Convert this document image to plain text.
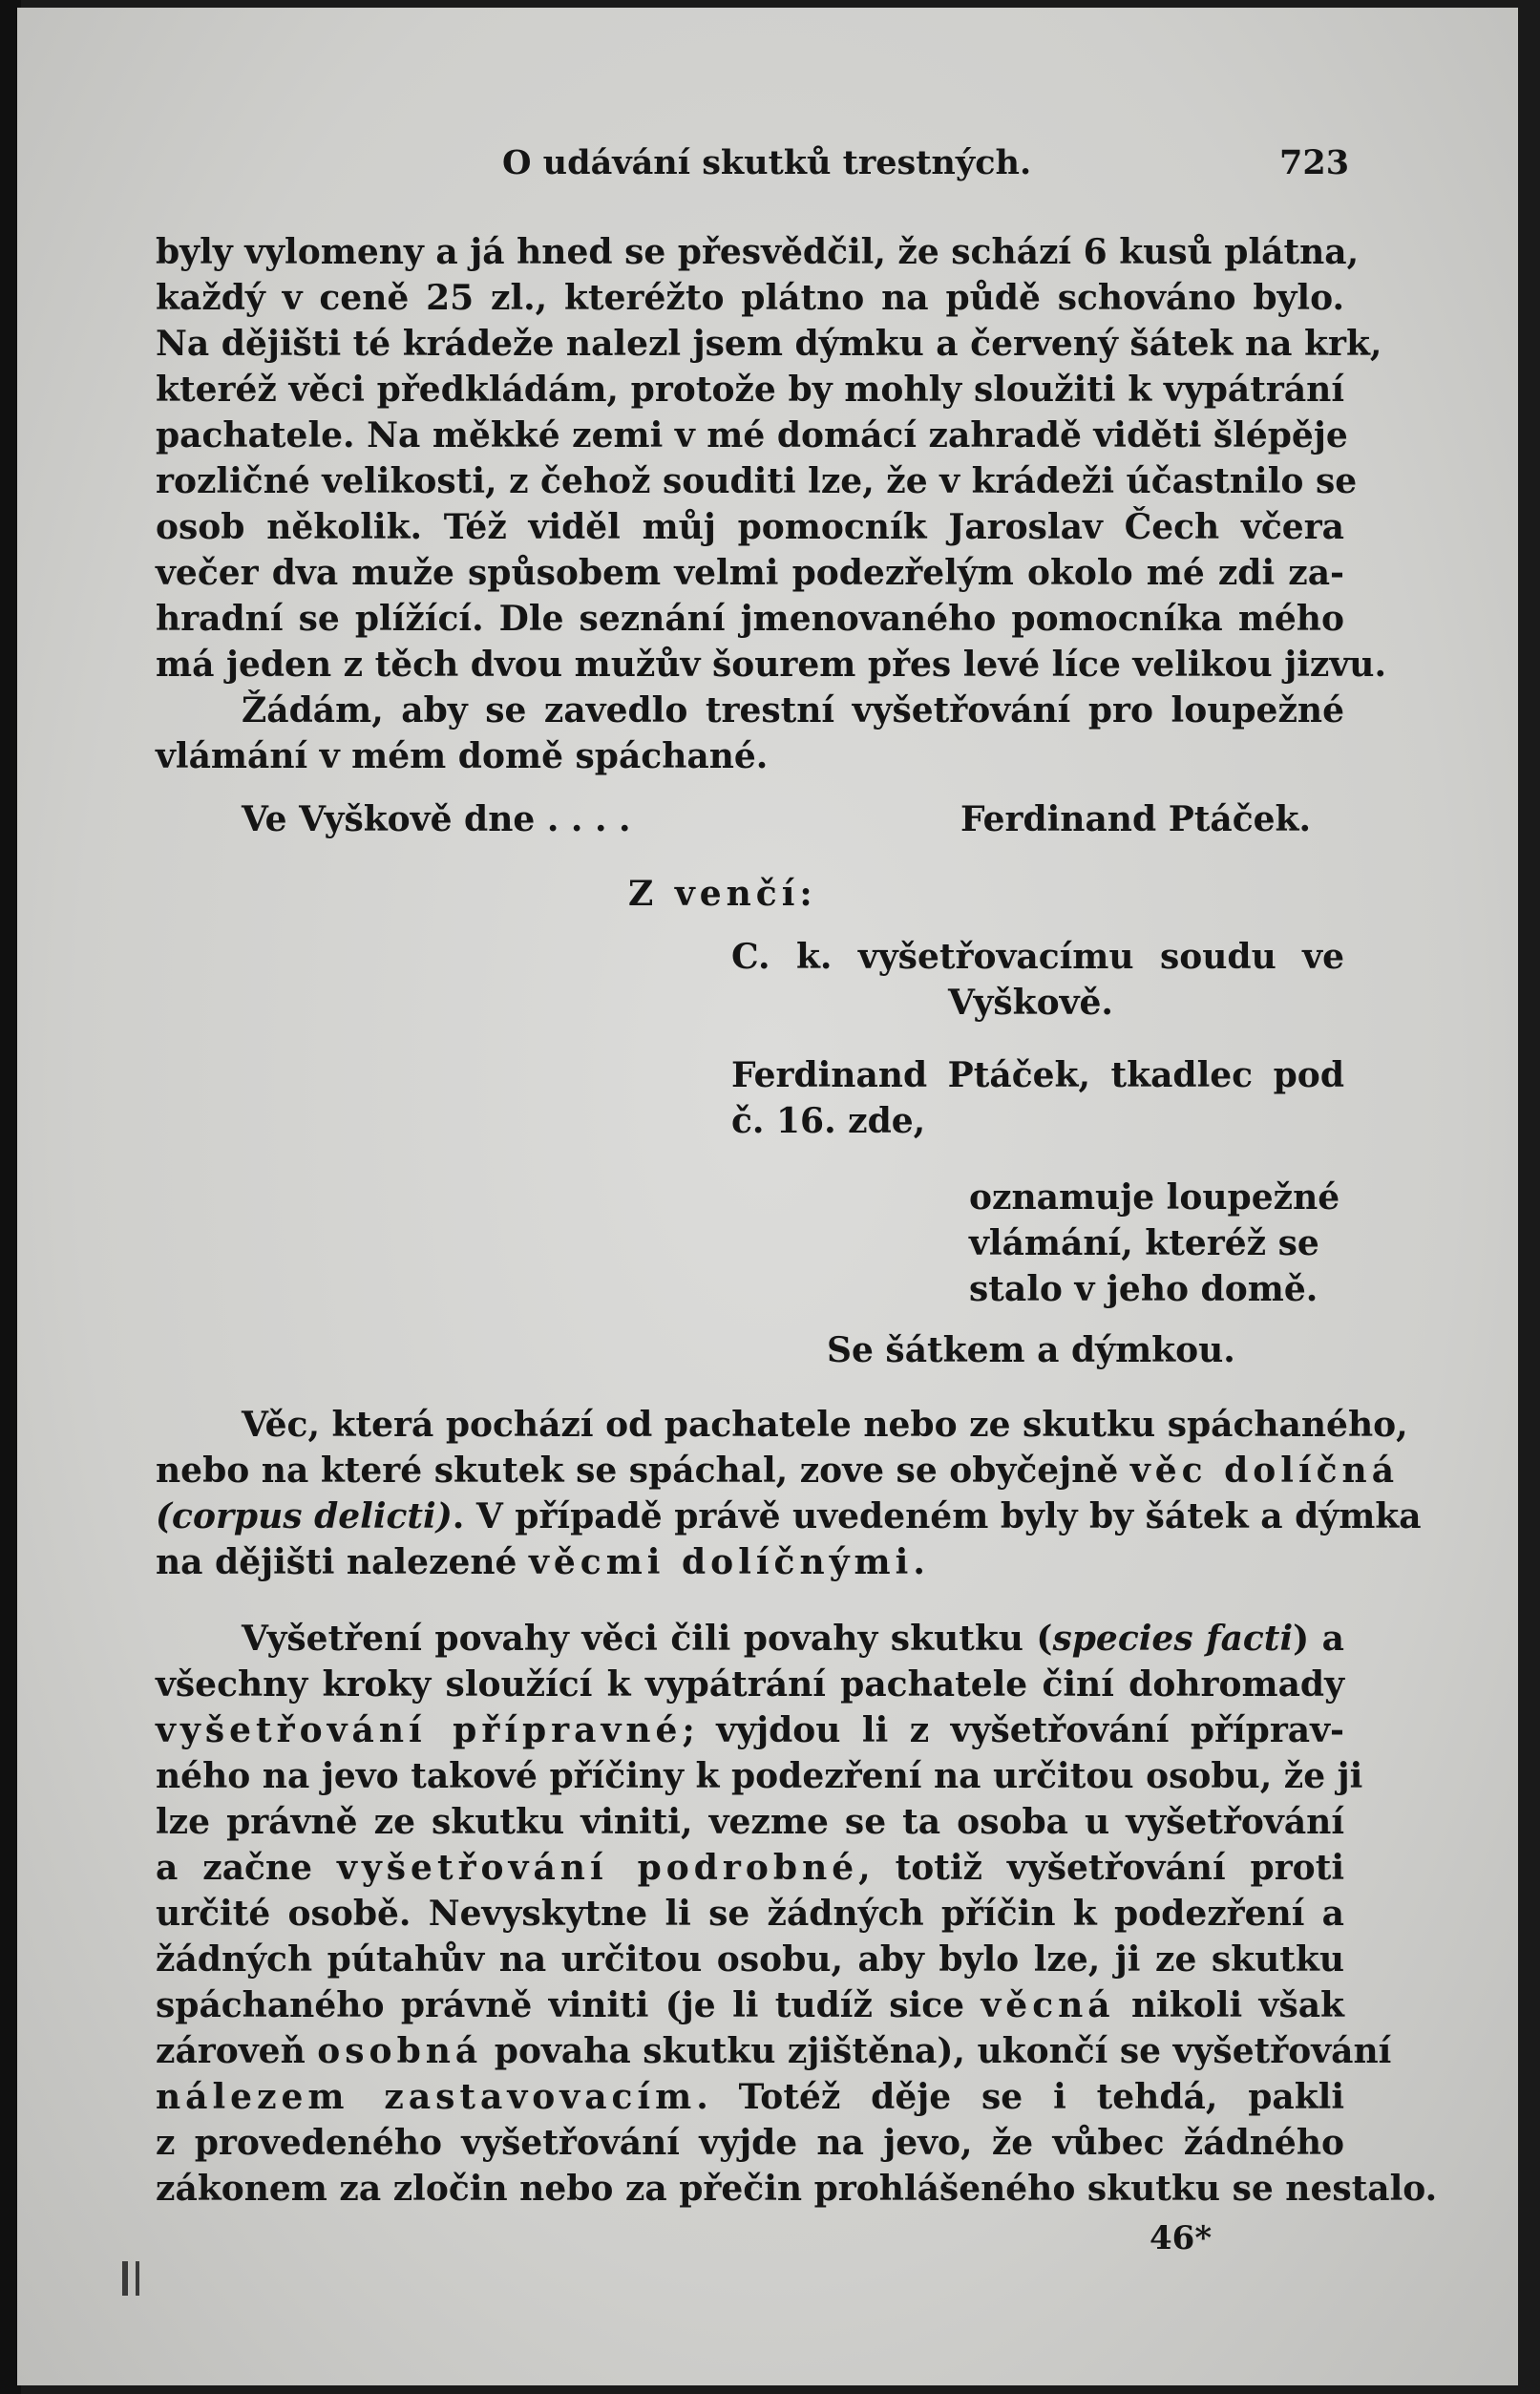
O udávání skutků trestných.	723
byly vylomeny a já hned se přesvědčil, že schází 6 kusů plátna,
každý v ceně 25 zl., kteréžto plátno na půdě schováno bylo.
Na dějišti té krádeže nalezl jsem dýmku a červený šátek na krk,
kteréž věci předkládám, protože by mohly sloužiti k vypátrání
pachatele. Na měkké zemi v mé domácí zahradě viděti šlépěje
rozličné velikosti, z čehož souditi lze, že v krádeži účastnilo se
osob několik. Též viděl můj pomocník Jaroslav Čech včera
večer dva muže spůsobem velmi podezřelým okolo mé zdi za-
hradní se plížící. Dle seznání jmenovaného pomocníka mého
má jeden z těch dvou mužův šourem přes levé líce velikou jizvu.
Žádám, aby se zavedlo trestní vyšetřování pro loupežné
vlámání v mém domě spáchané.
Ve Vyškově dne . . . .	Ferdinand Ptáček.
Z venčí:
C. k. vyšetřovacímu soudu ve
Vyškově.
Ferdinand Ptáček, tkadlec pod
č. 16. zde,
oznamuje loupežné
vlámání, kteréž se
stalo v jeho domě.
Se šátkem a dýmkou.
Věc, která pochází od pachatele nebo ze skutku spáchaného,
nebo na které skutek se spáchal, zove se obyčejně věc dolíčná
(corpus delicti). V případě právě uvedeném byly by šátek a dýmka
na dějišti nalezené věcmi dolíčnými.
Vyšetření povahy věci čili povahy skutku (species facti) a
všechny kroky sloužící k vypátrání pachatele činí dohromady
vyšetřování přípravné; vyjdou li z vyšetřování příprav-
ného na jevo takové příčiny k podezření na určitou osobu, že ji
lze právně ze skutku viniti, vezme se ta osoba u vyšetřování
a začne vyšetřování podrobné, totiž vyšetřování proti
určité osobě. Nevyskytne li se žádných příčin k podezření a
žádných pútahův na určitou osobu, aby bylo lze, ji ze skutku
spáchaného právně viniti (je li tudíž sice věcná nikoli však
zároveň osobná povaha skutku zjištěna), ukončí se vyšetřování
nálezem zastavovacím. Totéž děje se i tehdá, pakli
z provedeného vyšetřování vyjde na jevo, že vůbec žádného
zákonem za zločin nebo za přečin prohlášeného skutku se nestalo.
46*
